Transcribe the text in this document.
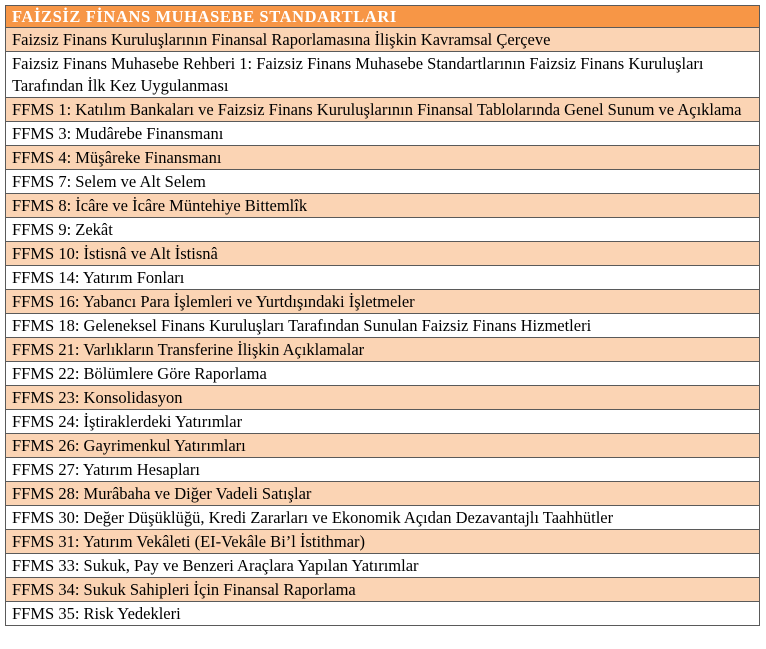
FAİZSİZ FİNANS MUHASEBE STANDARTLARI
Faizsiz Finans Kuruluşlarının Finansal Raporlamasına İlişkin Kavramsal Çerçeve
Faizsiz Finans Muhasebe Rehberi 1: Faizsiz Finans Muhasebe Standartlarının Faizsiz Finans Kuruluşları Tarafından İlk Kez Uygulanması
FFMS 1: Katılım Bankaları ve Faizsiz Finans Kuruluşlarının Finansal Tablolarında Genel Sunum ve Açıklama
FFMS 3: Mudârebe Finansmanı
FFMS 4: Müşâreke Finansmanı
FFMS 7: Selem ve Alt Selem
FFMS 8: İcâre ve İcâre Müntehiye Bittemlîk
FFMS 9: Zekât
FFMS 10: İstisnâ ve Alt İstisnâ
FFMS 14: Yatırım Fonları
FFMS 16: Yabancı Para İşlemleri ve Yurtdışındaki İşletmeler
FFMS 18: Geleneksel Finans Kuruluşları Tarafından Sunulan Faizsiz Finans Hizmetleri
FFMS 21: Varlıkların Transferine İlişkin Açıklamalar
FFMS 22: Bölümlere Göre Raporlama
FFMS 23: Konsolidasyon
FFMS 24: İştiraklerdeki Yatırımlar
FFMS 26: Gayrimenkul Yatırımları
FFMS 27: Yatırım Hesapları
FFMS 28: Murâbaha ve Diğer Vadeli Satışlar
FFMS 30: Değer Düşüklüğü, Kredi Zararları ve Ekonomik Açıdan Dezavantajlı Taahhütler
FFMS 31: Yatırım Vekâleti (EI-Vekâle Bi’l İstithmar)
FFMS 33: Sukuk, Pay ve Benzeri Araçlara Yapılan Yatırımlar
FFMS 34: Sukuk Sahipleri İçin Finansal Raporlama
FFMS 35: Risk Yedekleri
